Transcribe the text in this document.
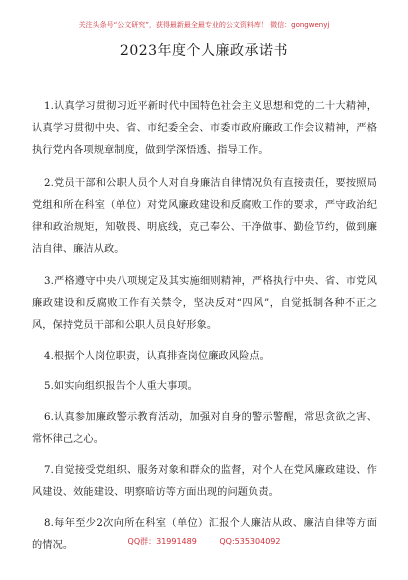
关注头条号“公文研究”，获得最新最全最专业的公文资料库！ 微信：gongwenyj
2023年度个人廉政承诺书

1.认真学习贯彻习近平新时代中国特色社会主义思想和党的二十大精神，认真学习贯彻中央、省、市纪委全会、市委市政府廉政工作会议精神，严格执行党内各项规章制度，做到学深悟透、指导工作。

2.党员干部和公职人员个人对自身廉洁自律情况负有直接责任，要按照局党组和所在科室（单位）对党风廉政建设和反腐败工作的要求，严守政治纪律和政治规矩，知敬畏、明底线，克己奉公、干净做事、勤俭节约，做到廉洁自律、廉洁从政。

3.严格遵守中央八项规定及其实施细则精神，严格执行中央、省、市党风廉政建设和反腐败工作有关禁令，坚决反对“四风”，自觉抵制各种不正之风，保持党员干部和公职人员良好形象。

4.根据个人岗位职责，认真排查岗位廉政风险点。

5.如实向组织报告个人重大事项。

6.认真参加廉政警示教育活动，加强对自身的警示警醒，常思贪欲之害、常怀律己之心。

7.自觉接受党组织、服务对象和群众的监督，对个人在党风廉政建设、作风建设、效能建设、明察暗访等方面出现的问题负责。

8.每年至少2次向所在科室（单位）汇报个人廉洁从政、廉洁自律等方面的情况。	QQ群：31991489	QQ:535304092
